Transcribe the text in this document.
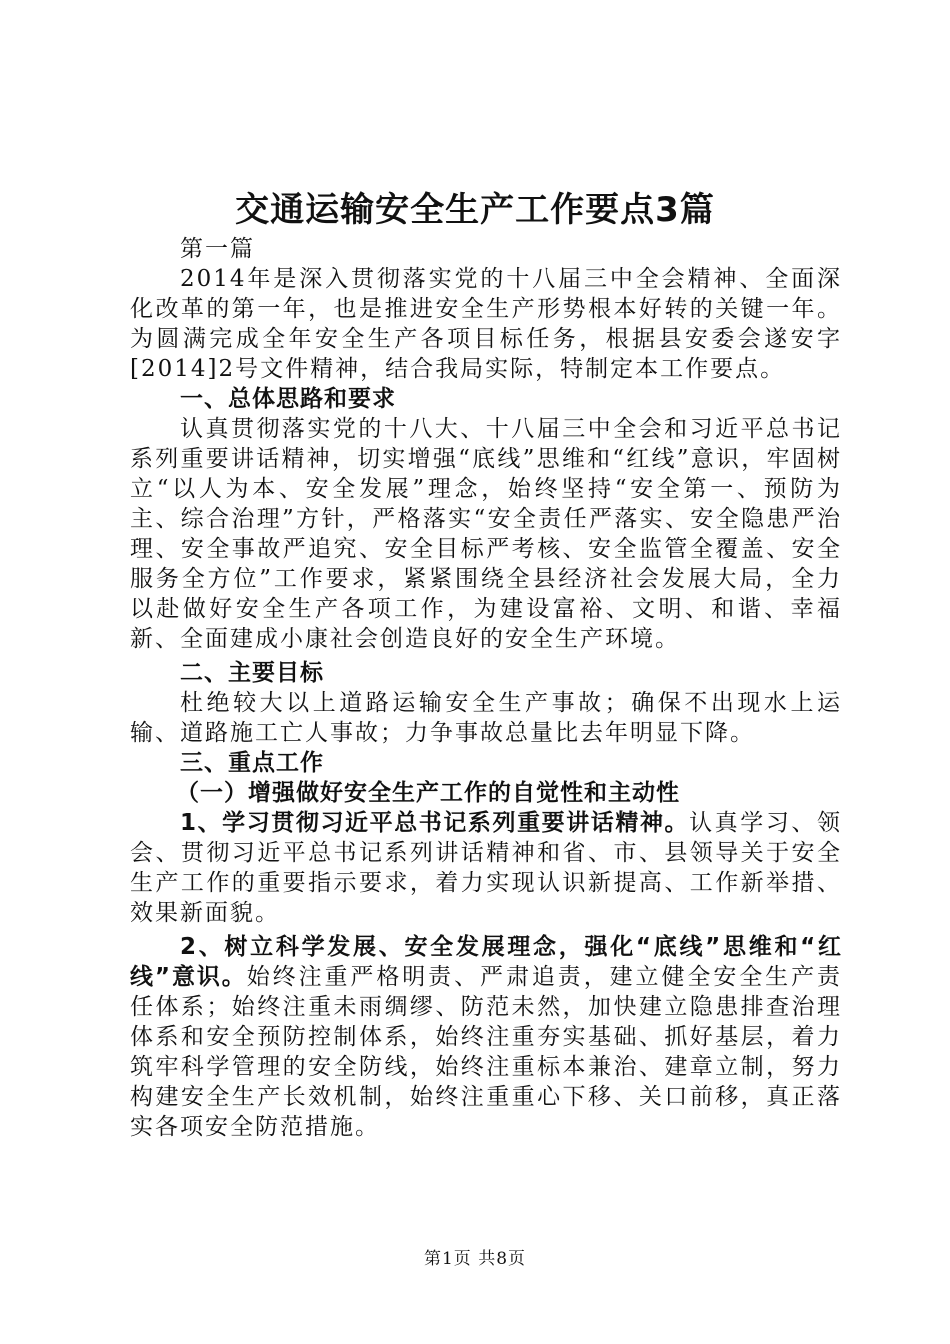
交通运输安全生产工作要点3篇

第一篇

2014年是深入贯彻落实党的十八届三中全会精神、全面深化改革的第一年，也是推进安全生产形势根本好转的关键一年。为圆满完成全年安全生产各项目标任务，根据县安委会遂安字[2014]2号文件精神，结合我局实际，特制定本工作要点。

一、总体思路和要求

认真贯彻落实党的十八大、十八届三中全会和习近平总书记系列重要讲话精神，切实增强“底线”思维和“红线”意识，牢固树立“以人为本、安全发展”理念，始终坚持“安全第一、预防为主、综合治理”方针，严格落实“安全责任严落实、安全隐患严治理、安全事故严追究、安全目标严考核、安全监管全覆盖、安全服务全方位”工作要求，紧紧围绕全县经济社会发展大局，全力以赴做好安全生产各项工作，为建设富裕、文明、和谐、幸福新、全面建成小康社会创造良好的安全生产环境。

二、主要目标

杜绝较大以上道路运输安全生产事故；确保不出现水上运输、道路施工亡人事故；力争事故总量比去年明显下降。

三、重点工作

（一）增强做好安全生产工作的自觉性和主动性

1、学习贯彻习近平总书记系列重要讲话精神。认真学习、领会、贯彻习近平总书记系列讲话精神和省、市、县领导关于安全生产工作的重要指示要求，着力实现认识新提高、工作新举措、效果新面貌。

2、树立科学发展、安全发展理念，强化“底线”思维和“红线”意识。始终注重严格明责、严肃追责，建立健全安全生产责任体系；始终注重未雨绸缪、防范未然，加快建立隐患排查治理体系和安全预防控制体系，始终注重夯实基础、抓好基层，着力筑牢科学管理的安全防线，始终注重标本兼治、建章立制，努力构建安全生产长效机制，始终注重重心下移、关口前移，真正落实各项安全防范措施。

第1页 共8页
